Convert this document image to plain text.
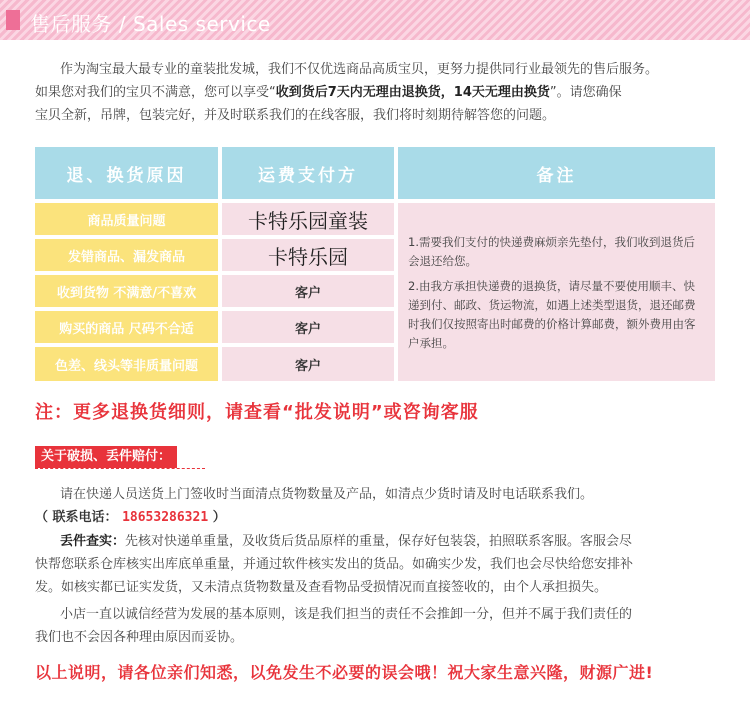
售后服务 / Sales service
作为淘宝最大最专业的童装批发城，我们不仅优选商品高质宝贝，更努力提供同行业最领先的售后服务。
如果您对我们的宝贝不满意，您可以享受“收到货后7天内无理由退换货，14天无理由换货”。请您确保
宝贝全新，吊牌，包装完好，并及时联系我们的在线客服，我们将时刻期待解答您的问题。
退、换货原因	运费支付方	备注
商品质量问题	卡特乐园童装
发错商品、漏发商品	卡特乐园
收到货物 不满意/不喜欢	客户
购买的商品 尺码不合适	客户
色差、线头等非质量问题	客户

1.需要我们支付的快递费麻烦亲先垫付，我们收到退货后会退还给您。

2.由我方承担快递费的退换货，请尽量不要使用顺丰、快递到付、邮政、货运物流，如遇上述类型退货，退还邮费时我们仅按照寄出时邮费的价格计算邮费，额外费用由客户承担。

注：更多退换货细则，请查看“批发说明”或咨询客服
关于破损、丢件赔付：
请在快递人员送货上门签收时当面清点货物数量及产品，如清点少货时请及时电话联系我们。
（ 联系电话： 18653286321 ）
丢件查实：先核对快递单重量，及收货后货品原样的重量，保存好包装袋，拍照联系客服。客服会尽
快帮您联系仓库核实出库底单重量，并通过软件核实发出的货品。如确实少发，我们也会尽快给您安排补
发。如核实都已证实发货，又未清点货物数量及查看物品受损情况而直接签收的，由个人承担损失。
小店一直以诚信经营为发展的基本原则，该是我们担当的责任不会推卸一分，但并不属于我们责任的
我们也不会因各种理由原因而妥协。
以上说明，请各位亲们知悉，以免发生不必要的误会哦！祝大家生意兴隆，财源广进!
